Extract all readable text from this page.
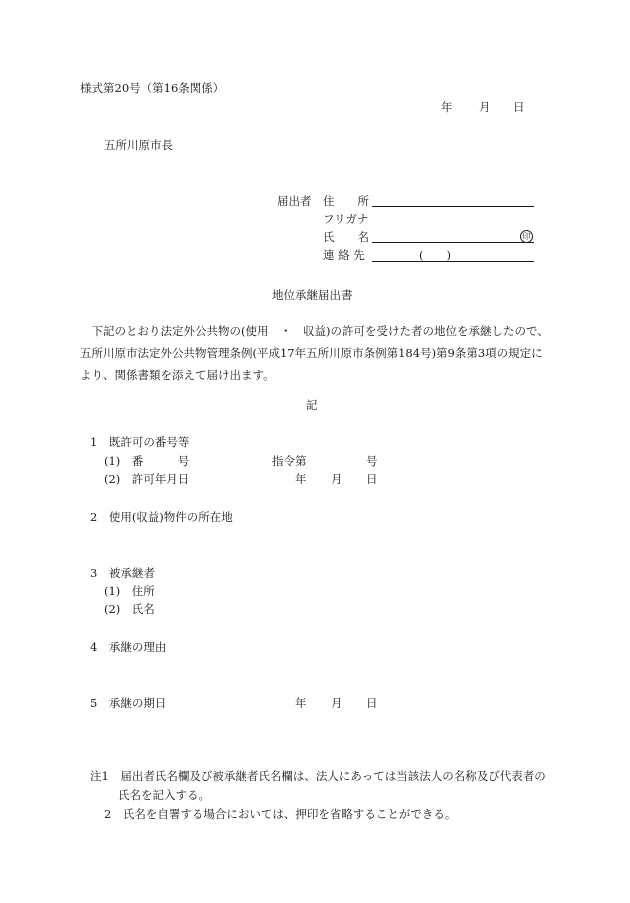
様式第20号（第16条関係）
年 月 日
五所川原市長
届出者 住　　所
フリガナ
氏　　名	印
連 絡 先	(　　)
地位承継届出書
　下記のとおり法定外公共物の(使用　・　収益)の許可を受けた者の地位を承継したので、
五所川原市法定外公共物管理条例(平成17年五所川原市条例第184号)第9条第3項の規定に
より、関係書類を添えて届け出ます。
記
1　既許可の番号等
(1)　番　　　号	指令第	号
(2)　許可年月日	年 月 日
2　使用(収益)物件の所在地
3　被承継者
(1)　住所
(2)　氏名
4　承継の理由
5　承継の期日	年 月 日
注1　届出者氏名欄及び被承継者氏名欄は、法人にあっては当該法人の名称及び代表者の
氏名を記入する。
2　氏名を自署する場合においては、押印を省略することができる。
